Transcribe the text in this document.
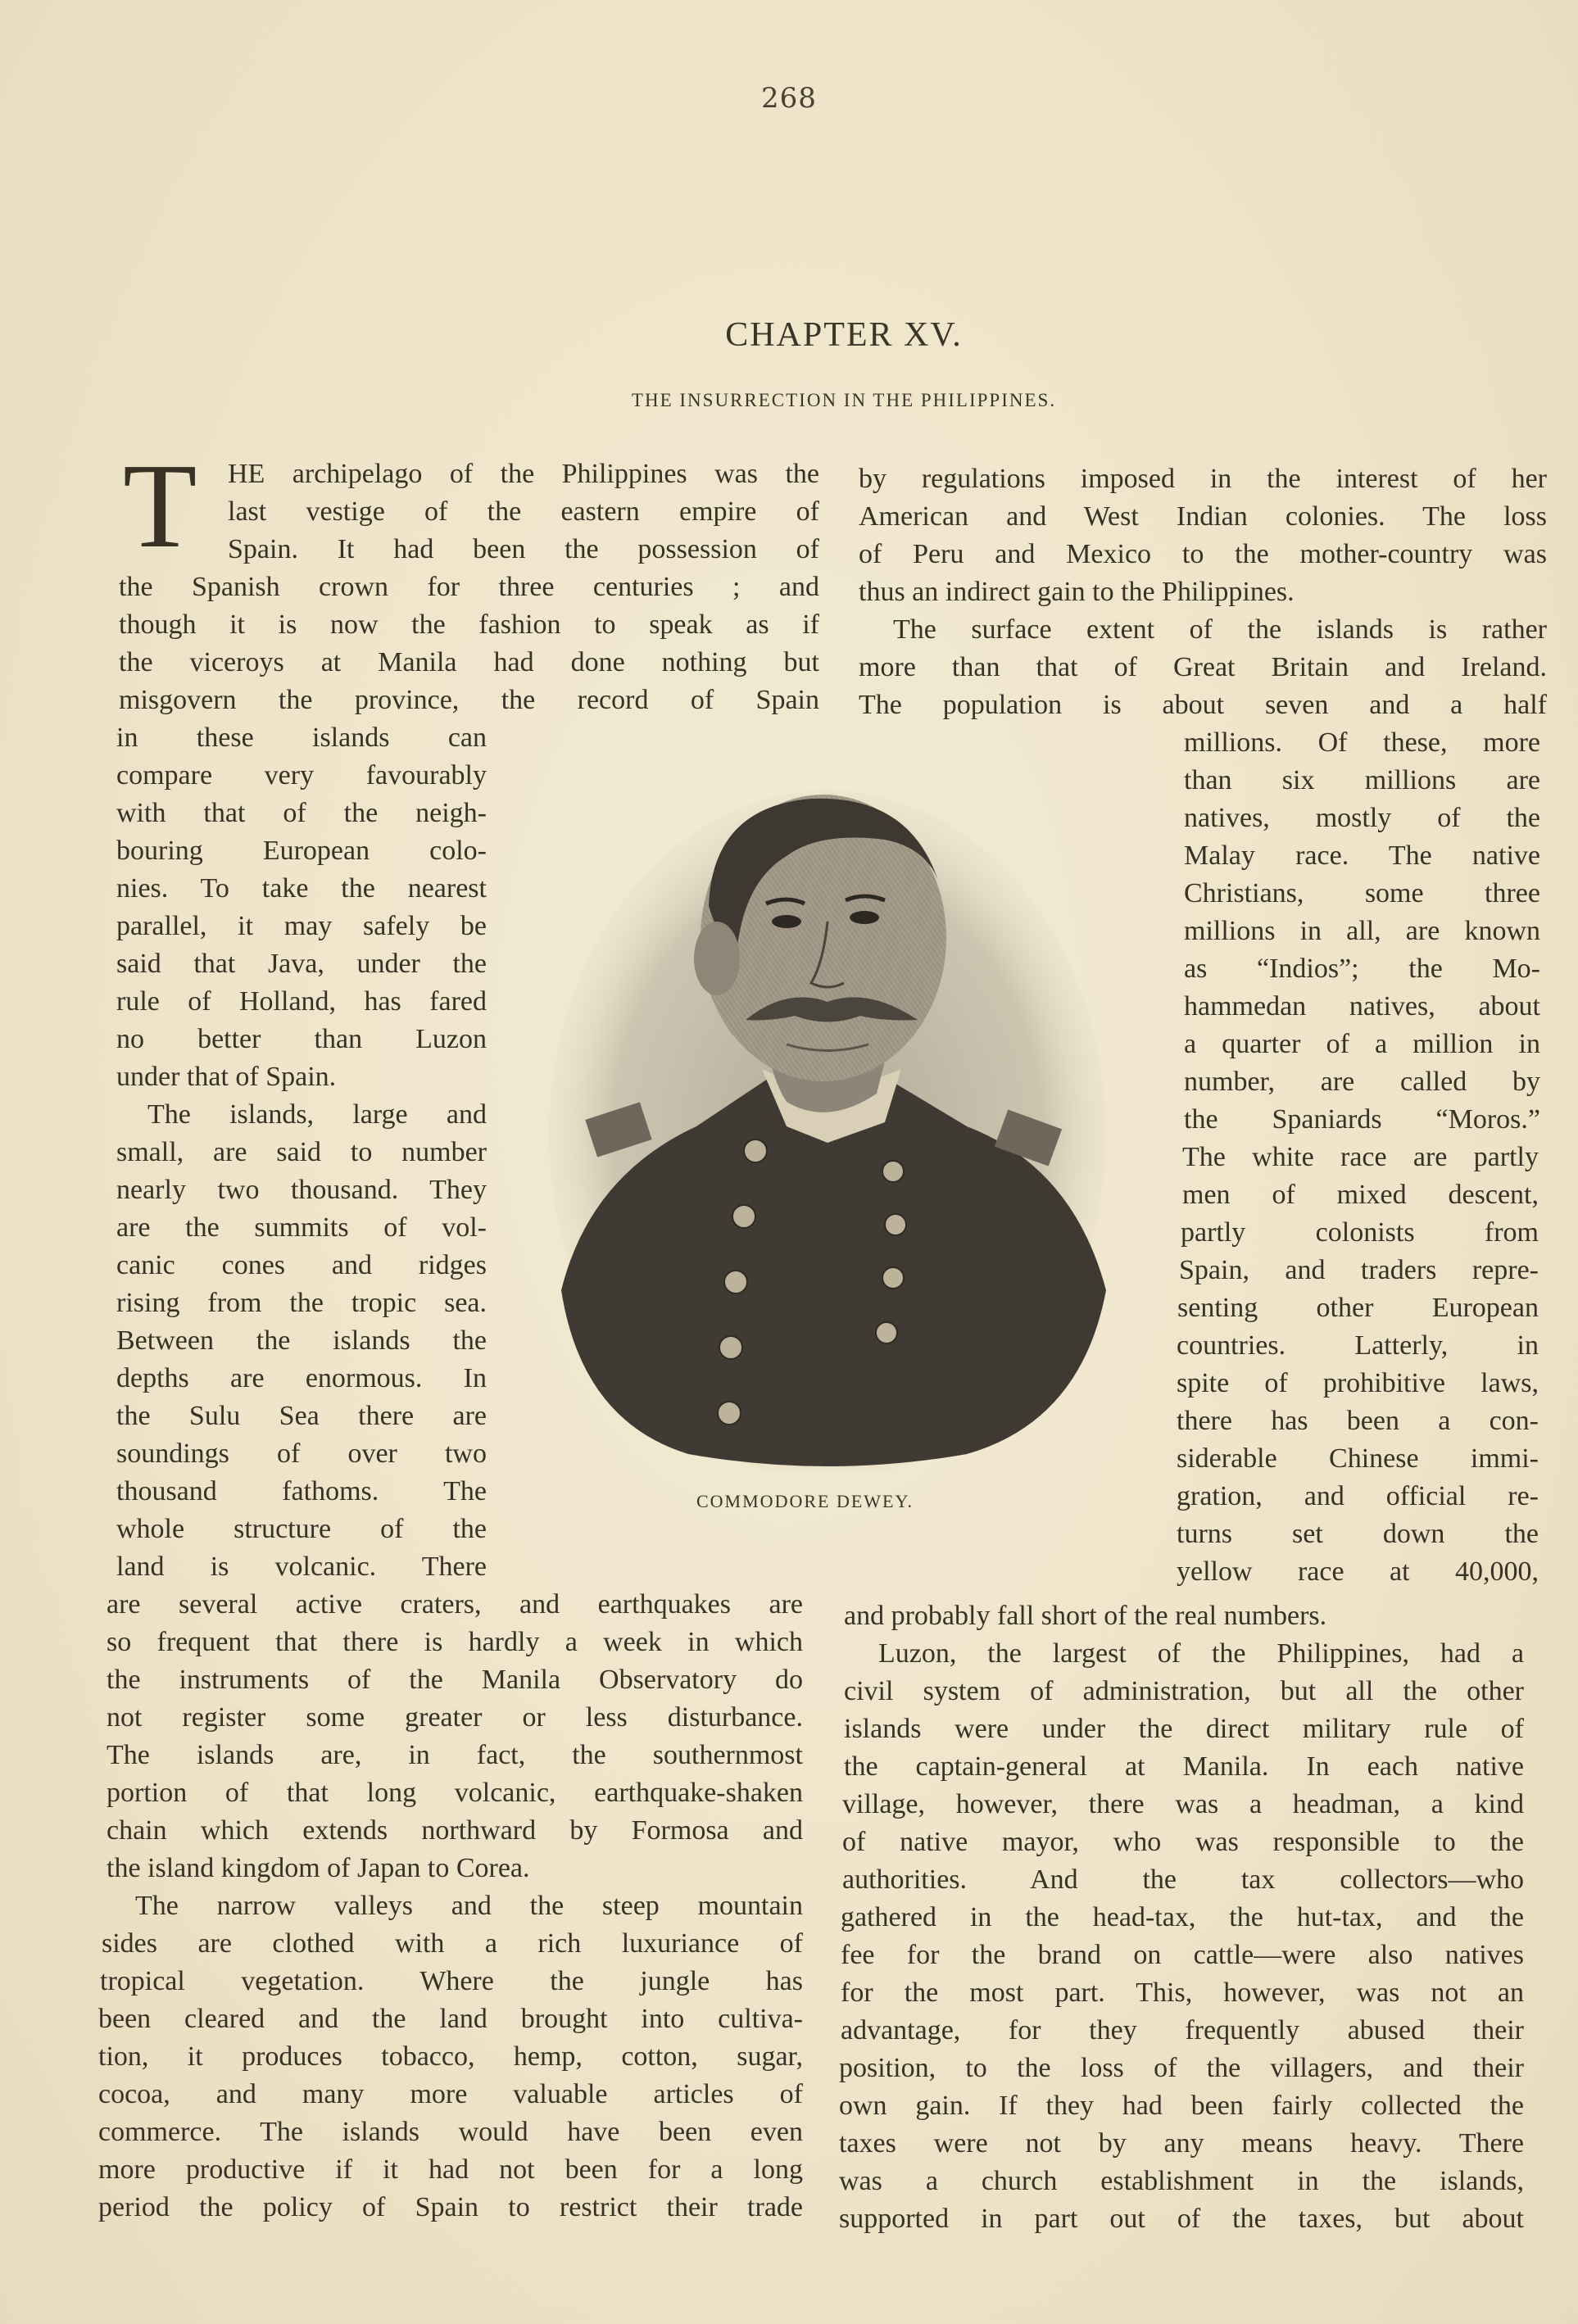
268
CHAPTER XV.
THE INSURRECTION IN THE PHILIPPINES.
T HE archipelago of the Philippines was the
last vestige of the eastern empire of
Spain. It had been the possession of
the Spanish crown for three centuries ; and
though it is now the fashion to speak as if
the viceroys at Manila had done nothing but
misgovern the province, the record of Spain
in these islands can
compare very favourably
with that of the neigh-
bouring European colo-
nies. To take the nearest
parallel, it may safely be
said that Java, under the
rule of Holland, has fared
no better than Luzon
under that of Spain.
The islands, large and
small, are said to number
nearly two thousand. They
are the summits of vol-
canic cones and ridges
rising from the tropic sea.
Between the islands the
depths are enormous. In
the Sulu Sea there are
soundings of over two
thousand fathoms. The
whole structure of the
land is volcanic. There
are several active craters, and earthquakes are
so frequent that there is hardly a week in which
the instruments of the Manila Observatory do
not register some greater or less disturbance.
The islands are, in fact, the southernmost
portion of that long volcanic, earthquake-shaken
chain which extends northward by Formosa and
the island kingdom of Japan to Corea.
The narrow valleys and the steep mountain
sides are clothed with a rich luxuriance of
tropical vegetation. Where the jungle has
been cleared and the land brought into cultiva-
tion, it produces tobacco, hemp, cotton, sugar,
cocoa, and many more valuable articles of
commerce. The islands would have been even
more productive if it had not been for a long
period the policy of Spain to restrict their trade
by regulations imposed in the interest of her
American and West Indian colonies. The loss
of Peru and Mexico to the mother-country was
thus an indirect gain to the Philippines.
The surface extent of the islands is rather
more than that of Great Britain and Ireland.
The population is about seven and a half
millions. Of these, more
than six millions are
natives, mostly of the
Malay race. The native
Christians, some three
millions in all, are known
as “Indios”; the Mo-
hammedan natives, about
a quarter of a million in
number, are called by
the Spaniards “Moros.”
The white race are partly
men of mixed descent,
partly colonists from
Spain, and traders repre-
senting other European
countries. Latterly, in
spite of prohibitive laws,
there has been a con-
siderable Chinese immi-
gration, and official re-
turns set down the
yellow race at 40,000,
and probably fall short of the real numbers.
Luzon, the largest of the Philippines, had a
civil system of administration, but all the other
islands were under the direct military rule of
the captain-general at Manila. In each native
village, however, there was a headman, a kind
of native mayor, who was responsible to the
authorities. And the tax collectors—who
gathered in the head-tax, the hut-tax, and the
fee for the brand on cattle—were also natives
for the most part. This, however, was not an
advantage, for they frequently abused their
position, to the loss of the villagers, and their
own gain. If they had been fairly collected the
taxes were not by any means heavy. There
was a church establishment in the islands,
supported in part out of the taxes, but about
COMMODORE DEWEY.
